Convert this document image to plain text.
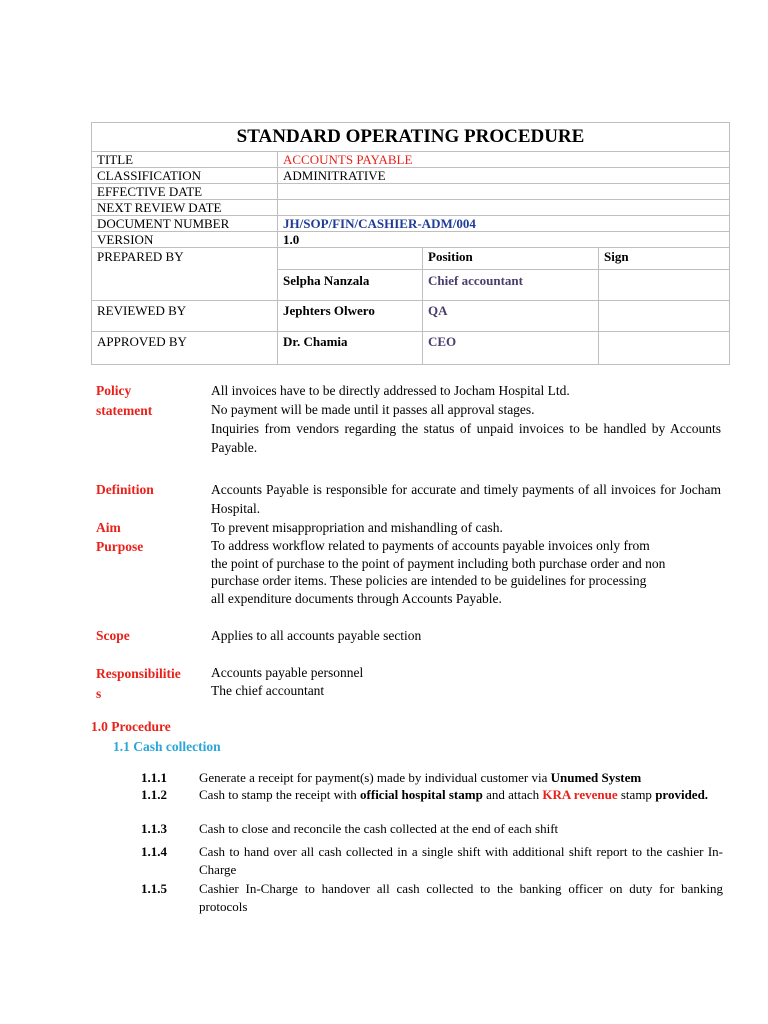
STANDARD OPERATING PROCEDURE			
TITLE	ACCOUNTS PAYABLE		
CLASSIFICATION	ADMINITRATIVE		
EFFECTIVE DATE			
NEXT REVIEW DATE			
DOCUMENT NUMBER	JH/SOP/FIN/CASHIER-ADM/004		
VERSION	1.0		
PREPARED BY		Position	Sign
	Selpha Nanzala	Chief accountant	
REVIEWED BY	Jephters Olwero	QA	
APPROVED BY	Dr. Chamia	CEO	
Policy
statement

All invoices have to be directly addressed to Jocham Hospital Ltd.

No payment will be made until it passes all approval stages.

Inquiries from vendors regarding the status of unpaid invoices to be handled by Accounts Payable.

Definition	Accounts Payable is responsible for accurate and timely payments of all invoices for Jocham Hospital.
Aim	To prevent misappropriation and mishandling of cash.
Purpose	To address workflow related to payments of accounts payable invoices only from

the point of purchase to the point of payment including both purchase order and non

purchase order items. These policies are intended to be guidelines for processing

all expenditure documents through Accounts Payable.

Scope	Applies to all accounts payable section
Responsibilitie
s

Accounts payable personnel

The chief accountant

1.0 Procedure
1.1 Cash collection
1.1.1 Generate a receipt for payment(s) made by individual customer via Unumed System
1.1.2 Cash to stamp the receipt with official hospital stamp and attach KRA revenue stamp provided.
1.1.3 Cash to close and reconcile the cash collected at the end of each shift
1.1.4 Cash to hand over all cash collected in a single shift with additional shift report to the cashier In-Charge
1.1.5 Cashier In-Charge to handover all cash collected to the banking officer on duty for banking protocols
